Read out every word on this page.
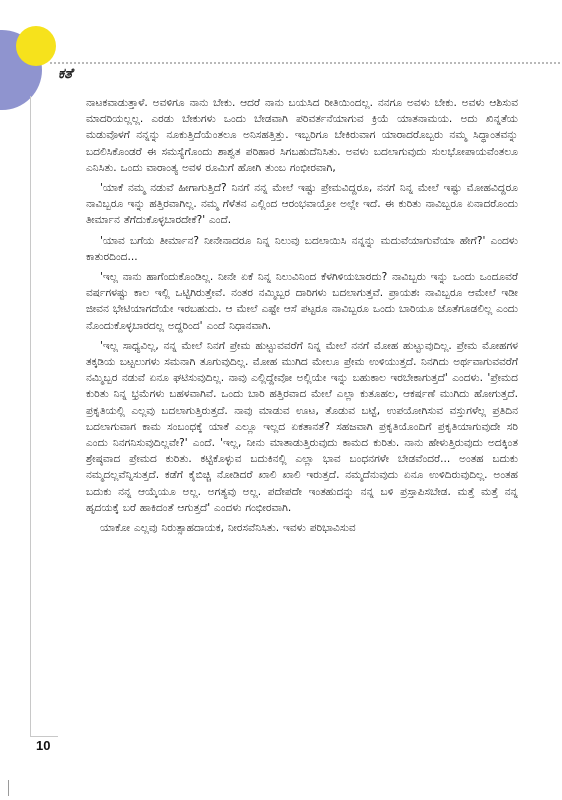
ಕತೆ

ನಾಟಕವಾಡುತ್ತಾಳೆ. ಅವಳಿಗೂ ನಾನು ಬೇಕು. ಆದರೆ ನಾನು ಬಯಸಿದ ರೀತಿಯಿಂದಲ್ಲ. ನನಗೂ ಅವಳು ಬೇಕು. ಅವಳು ಆಶಿಸುವ ಮಾದರಿಯಲ್ಲಲ್ಲ. ಎರಡು ಬೇಕುಗಳು ಒಂದು ಬೇಡವಾಗಿ ಪರಿವರ್ತನೆಯಾಗುವ ಕ್ರಿಯೆ ಯಾತನಾಮಯ. ಅದು ಖಿನ್ನತೆಯ ಮಡುವೊಳಗೆ ನನ್ನನ್ನು ನೂಕುತ್ತಿದೆಯೆಂತಲೂ ಅನಿಸಹತ್ತಿತ್ತು. ಇಬ್ಬರಿಗೂ ಬೇಕಿರುವಾಗ ಯಾರಾದರೊಬ್ಬರು ನಮ್ಮ ಸಿದ್ಧಾಂತವನ್ನು ಬದಲಿಸಿಕೊಂಡರೆ ಈ ಸಮಸ್ಯೆಗೊಂದು ಶಾಶ್ವತ ಪರಿಹಾರ ಸಿಗಬಹುದೆನಿಸಿತು. ಅವಳು ಬದಲಾಗುವುದು ಸುಲಭೋಪಾಯವೆಂತಲೂ ಎನಿಸಿತು. ಒಂದು ವಾರಾಂತ್ಯ ಅವಳ ರೂಮಿಗೆ ಹೋಗಿ ತುಂಬ ಗಂಭೀರವಾಗಿ,

'ಯಾಕೆ ನಮ್ಮ ನಡುವೆ ಹೀಗಾಗುತ್ತಿದೆ? ನಿನಗೆ ನನ್ನ ಮೇಲೆ ಇಷ್ಟು ಪ್ರೇಮವಿದ್ದರೂ, ನನಗೆ ನಿನ್ನ ಮೇಲೆ ಇಷ್ಟು ಮೋಹವಿದ್ದರೂ ನಾವಿಬ್ಬರೂ ಇನ್ನು ಹತ್ತಿರವಾಗಿಲ್ಲ. ನಮ್ಮ ಗೆಳೆತನ ಎಲ್ಲಿಂದ ಆರಂಭವಾಯ್ತೋ ಅಲ್ಲೇ ಇದೆ. ಈ ಕುರಿತು ನಾವಿಬ್ಬರೂ ಏನಾದರೊಂದು ತೀರ್ಮಾನ ತೆಗೆದುಕೊಳ್ಳಬಾರದೇಕೆ?' ಎಂದೆ.

'ಯಾವ ಬಗೆಯ ತೀರ್ಮಾನ? ನೀನೇನಾದರೂ ನಿನ್ನ ನಿಲುವು ಬದಲಾಯಿಸಿ ನನ್ನನ್ನು ಮದುವೆಯಾಗುವೆಯಾ ಹೇಗೆ?' ಎಂದಳು ಕಾತುರದಿಂದ...

'ಇಲ್ಲ ನಾನು ಹಾಗೆಂದುಕೊಂಡಿಲ್ಲ. ನೀನೇ ಏಕೆ ನಿನ್ನ ನಿಲುವಿನಿಂದ ಕೆಳಗಿಳಿಯಬಾರದು? ನಾವಿಬ್ಬರು ಇನ್ನು ಒಂದು ಒಂದೂವರೆ ವರ್ಷಗಳಷ್ಟು ಕಾಲ ಇಲ್ಲಿ ಒಟ್ಟಿಗಿರುತ್ತೇವೆ. ನಂತರ ನಮ್ಮಿಬ್ಬರ ದಾರಿಗಳು ಬದಲಾಗುತ್ತವೆ. ಪ್ರಾಯಶಃ ನಾವಿಬ್ಬರೂ ಆಮೇಲೆ ಇಡೀ ಜೀವನ ಭೇಟಿಯಾಗದೆಯೇ ಇರಬಹುದು. ಆ ಮೇಲೆ ಎಷ್ಟೇ ಆಸೆ ಪಟ್ಟರೂ ನಾವಿಬ್ಬರೂ ಒಂದು ಬಾರಿಯೂ ಜೊತೆಗೂಡಲಿಲ್ಲ ಎಂದು ನೊಂದುಕೊಳ್ಳಬಾರದಲ್ಲ ಅದ್ದರಿಂದ' ಎಂದೆ ನಿಧಾನವಾಗಿ.

'ಇಲ್ಲ ಸಾಧ್ಯವಿಲ್ಲ, ನನ್ನ ಮೇಲೆ ನಿನಗೆ ಪ್ರೇಮ ಹುಟ್ಟುವವರೆಗೆ ನಿನ್ನ ಮೇಲೆ ನನಗೆ ಮೋಹ ಹುಟ್ಟುವುದಿಲ್ಲ. ಪ್ರೇಮ ಮೋಹಗಳ ತಕ್ಕಡಿಯ ಬಟ್ಟಲುಗಳು ಸಮನಾಗಿ ತೂಗುವುದಿಲ್ಲ. ಮೋಹ ಮುಗಿದ ಮೇಲೂ ಪ್ರೇಮ ಉಳಿಯುತ್ತದೆ. ನಿನಗಿದು ಅರ್ಥವಾಗುವವರೆಗೆ ನಮ್ಮಿಬ್ಬರ ನಡುವೆ ಏನೂ ಘಟಿಸುವುದಿಲ್ಲ. ನಾವು ಎಲ್ಲಿದ್ದೇವೋ ಅಲ್ಲಿಯೇ ಇನ್ನು ಬಹುಕಾಲ ಇರಬೇಕಾಗುತ್ತದೆ' ಎಂದಳು. 'ಪ್ರೇಮದ ಕುರಿತು ನಿನ್ನ ಭ್ರಮೆಗಳು ಬಹಳವಾಗಿವೆ. ಒಂದು ಬಾರಿ ಹತ್ತಿರವಾದ ಮೇಲೆ ಎಲ್ಲಾ ಕುತೂಹಲ, ಆಕರ್ಷಣೆ ಮುಗಿದು ಹೋಗುತ್ತದೆ. ಪ್ರಕೃತಿಯಲ್ಲಿ ಎಲ್ಲವು ಬದಲಾಗುತ್ತಿರುತ್ತದೆ. ನಾವು ಮಾಡುವ ಊಟ, ತೊಡುವ ಬಟ್ಟೆ, ಉಪಯೋಗಿಸುವ ವಸ್ತುಗಳೆಲ್ಲ ಪ್ರತಿದಿನ ಬದಲಾಗುವಾಗ ಕಾಮ ಸಂಬಂಧಕ್ಕೆ ಯಾಕೆ ಎಲ್ಲೂ ಇಲ್ಲದ ಏಕತಾನತೆ? ಸಹಜವಾಗಿ ಪ್ರಕೃತಿಯೊಂದಿಗೆ ಪ್ರಕೃತಿಯಾಗುವುದೇ ಸರಿ ಎಂದು ನಿನಗನಿಸುವುದಿಲ್ಲವೇ?' ಎಂದೆ. 'ಇಲ್ಲ, ನೀನು ಮಾತಾಡುತ್ತಿರುವುದು ಕಾಮದ ಕುರಿತು. ನಾನು ಹೇಳುತ್ತಿರುವುದು ಅದಕ್ಕಿಂತ ಶ್ರೇಷ್ಠವಾದ ಪ್ರೇಮದ ಕುರಿತು. ಕಟ್ಟಿಕೊಳ್ಳುವ ಬದುಕಿನಲ್ಲಿ ಎಲ್ಲಾ ಭಾವ ಬಂಧನಗಳೇ ಬೇಡವೆಂದರೆ... ಅಂತಹ ಬದುಕು ನಮ್ಮದಲ್ಲವೆನ್ನಿಸುತ್ತದೆ. ಕಡೆಗೆ ಕೈಬಿಚ್ಚಿ ನೋಡಿದರೆ ಖಾಲಿ ಖಾಲಿ ಇರುತ್ತದೆ. ನಮ್ಮದೆನುವುದು ಏನೂ ಉಳಿದಿರುವುದಿಲ್ಲ. ಅಂತಹ ಬದುಕು ನನ್ನ ಆಯ್ಕೆಯೂ ಅಲ್ಲ. ಅಗತ್ಯವು ಅಲ್ಲ. ಪದೇಪದೇ ಇಂತಹುದನ್ನು ನನ್ನ ಬಳಿ ಪ್ರಸ್ತಾಪಿಸಬೇಡ. ಮತ್ತೆ ಮತ್ತೆ ನನ್ನ ಹೃದಯಕ್ಕೆ ಬರೆ ಹಾಕಿದಂತೆ ಆಗುತ್ತದೆ' ಎಂದಳು ಗಂಭೀರವಾಗಿ.

ಯಾಕೋ ಎಲ್ಲವು ನಿರುತ್ಸಾಹದಾಯಕ, ನೀರಸವೆನಿಸಿತು. ಇವಳು ಪರಿಭಾವಿಸುವ

10
